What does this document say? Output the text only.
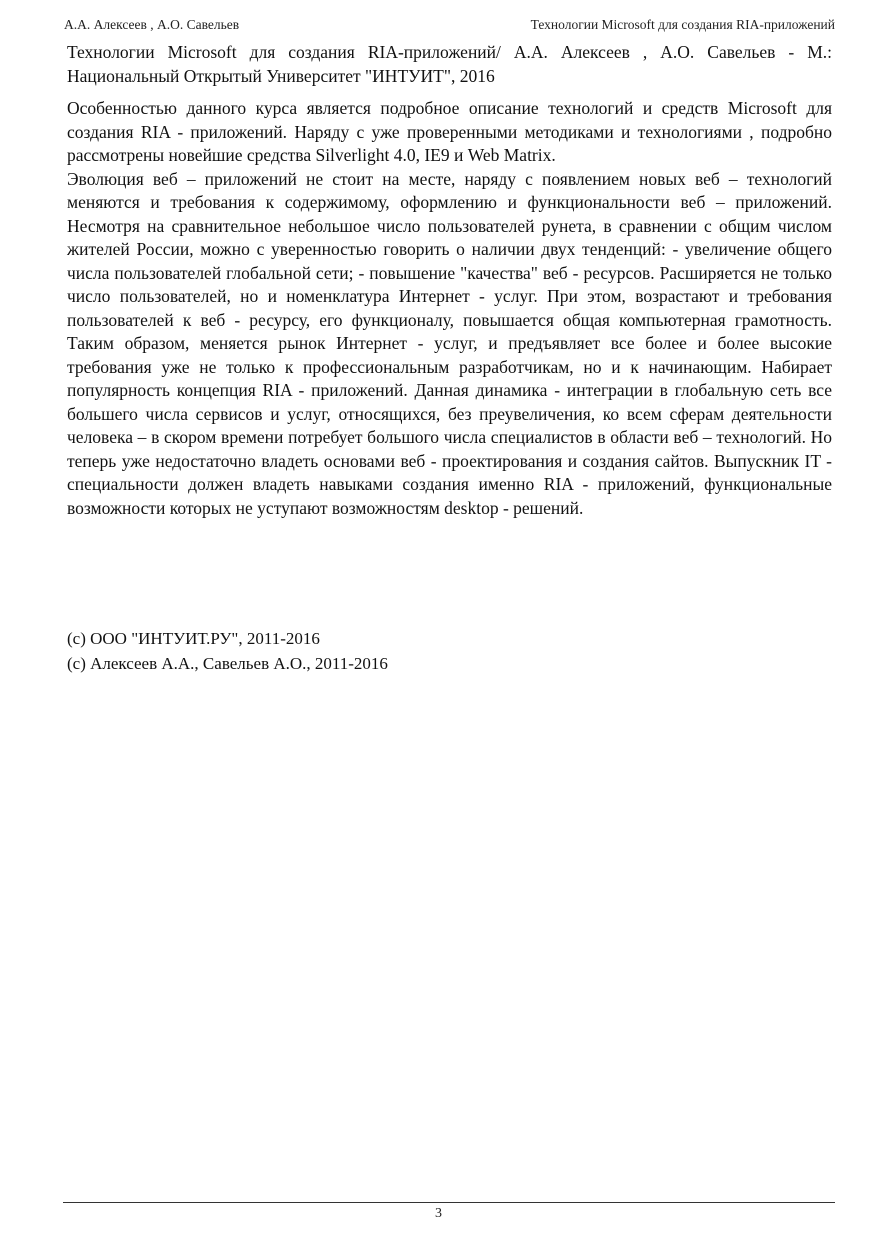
А.А. Алексеев , А.О. Савельев	Технологии Microsoft для создания RIA-приложений
Технологии Microsoft для создания RIA-приложений/ А.А. Алексеев , А.О. Савельев - М.: Национальный Открытый Университет "ИНТУИТ", 2016

Особенностью данного курса является подробное описание технологий и средств Microsoft для создания RIA - приложений. Наряду с уже проверенными методиками и технологиями , подробно рассмотрены новейшие средства Silverlight 4.0, IE9 и Web Matrix.

Эволюция веб – приложений не стоит на месте, наряду с появлением новых веб – технологий меняются и требования к содержимому, оформлению и функциональности веб – приложений. Несмотря на сравнительное небольшое число пользователей рунета, в сравнении с общим числом жителей России, можно с уверенностью говорить о наличии двух тенденций: - увеличение общего числа пользователей глобальной сети; - повышение "качества" веб - ресурсов. Расширяется не только число пользователей, но и номенклатура Интернет - услуг. При этом, возрастают и требования пользователей к веб - ресурсу, его функционалу, повышается общая компьютерная грамотность. Таким образом, меняется рынок Интернет - услуг, и предъявляет все более и более высокие требования уже не только к профессиональным разработчикам, но и к начинающим. Набирает популярность концепция RIA - приложений. Данная динамика - интеграции в глобальную сеть все большего числа сервисов и услуг, относящихся, без преувеличения, ко всем сферам деятельности человека – в скором времени потребует большого числа специалистов в области веб – технологий. Но теперь уже недостаточно владеть основами веб - проектирования и создания сайтов. Выпускник IT - специальности должен владеть навыками создания именно RIA - приложений, функциональные возможности которых не уступают возможностям desktop - решений.

(c) ООО "ИНТУИТ.РУ", 2011-2016
(c) Алексеев А.А., Савельев А.О., 2011-2016
3
